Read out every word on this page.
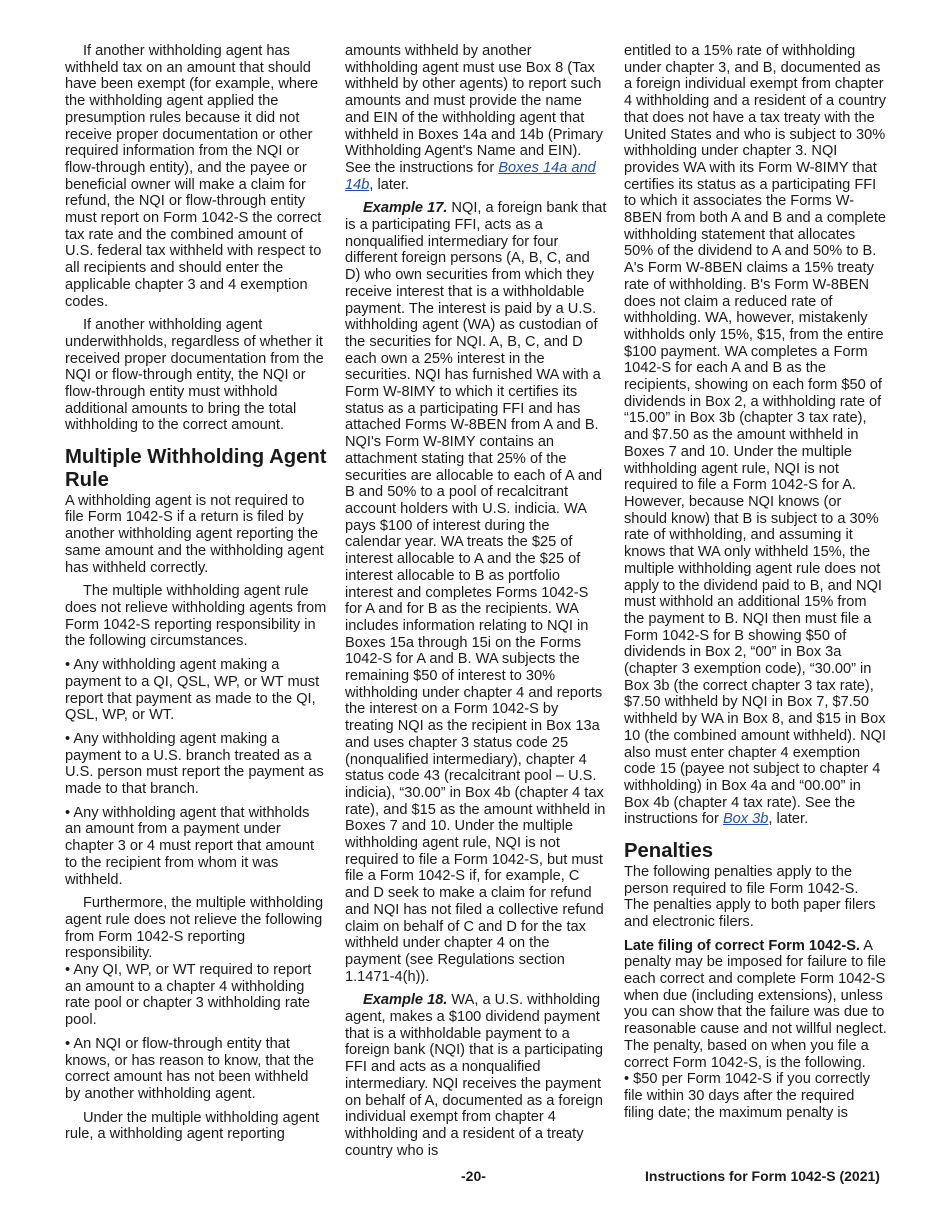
If another withholding agent has withheld tax on an amount that should have been exempt (for example, where the withholding agent applied the presumption rules because it did not receive proper documentation or other required information from the NQI or flow-through entity), and the payee or beneficial owner will make a claim for refund, the NQI or flow-through entity must report on Form 1042-S the correct tax rate and the combined amount of U.S. federal tax withheld with respect to all recipients and should enter the applicable chapter 3 and 4 exemption codes.

If another withholding agent underwithholds, regardless of whether it received proper documentation from the NQI or flow-through entity, the NQI or flow-through entity must withhold additional amounts to bring the total withholding to the correct amount.

Multiple Withholding Agent Rule

A withholding agent is not required to file Form 1042-S if a return is filed by another withholding agent reporting the same amount and the withholding agent has withheld correctly.

The multiple withholding agent rule does not relieve withholding agents from Form 1042-S reporting responsibility in the following circumstances.

• Any withholding agent making a payment to a QI, QSL, WP, or WT must report that payment as made to the QI, QSL, WP, or WT.

• Any withholding agent making a payment to a U.S. branch treated as a U.S. person must report the payment as made to that branch.

• Any withholding agent that withholds an amount from a payment under chapter 3 or 4 must report that amount to the recipient from whom it was withheld.

Furthermore, the multiple withholding agent rule does not relieve the following from Form 1042-S reporting responsibility.

• Any QI, WP, or WT required to report an amount to a chapter 4 withholding rate pool or chapter 3 withholding rate pool.

• An NQI or flow-through entity that knows, or has reason to know, that the correct amount has not been withheld by another withholding agent.

Under the multiple withholding agent rule, a withholding agent reporting

amounts withheld by another withholding agent must use Box 8 (Tax withheld by other agents) to report such amounts and must provide the name and EIN of the withholding agent that withheld in Boxes 14a and 14b (Primary Withholding Agent's Name and EIN). See the instructions for Boxes 14a and 14b, later.

Example 17. NQI, a foreign bank that is a participating FFI, acts as a nonqualified intermediary for four different foreign persons (A, B, C, and D) who own securities from which they receive interest that is a withholdable payment. The interest is paid by a U.S. withholding agent (WA) as custodian of the securities for NQI. A, B, C, and D each own a 25% interest in the securities. NQI has furnished WA with a Form W-8IMY to which it certifies its status as a participating FFI and has attached Forms W-8BEN from A and B. NQI's Form W-8IMY contains an attachment stating that 25% of the securities are allocable to each of A and B and 50% to a pool of recalcitrant account holders with U.S. indicia. WA pays $100 of interest during the calendar year. WA treats the $25 of interest allocable to A and the $25 of interest allocable to B as portfolio interest and completes Forms 1042-S for A and for B as the recipients. WA includes information relating to NQI in Boxes 15a through 15i on the Forms 1042-S for A and B. WA subjects the remaining $50 of interest to 30% withholding under chapter 4 and reports the interest on a Form 1042-S by treating NQI as the recipient in Box 13a and uses chapter 3 status code 25 (nonqualified intermediary), chapter 4 status code 43 (recalcitrant pool – U.S. indicia), “30.00” in Box 4b (chapter 4 tax rate), and $15 as the amount withheld in Boxes 7 and 10. Under the multiple withholding agent rule, NQI is not required to file a Form 1042-S, but must file a Form 1042-S if, for example, C and D seek to make a claim for refund and NQI has not filed a collective refund claim on behalf of C and D for the tax withheld under chapter 4 on the payment (see Regulations section 1.1471-4(h)).

Example 18. WA, a U.S. withholding agent, makes a $100 dividend payment that is a withholdable payment to a foreign bank (NQI) that is a participating FFI and acts as a nonqualified intermediary. NQI receives the payment on behalf of A, documented as a foreign individual exempt from chapter 4 withholding and a resident of a treaty country who is

entitled to a 15% rate of withholding under chapter 3, and B, documented as a foreign individual exempt from chapter 4 withholding and a resident of a country that does not have a tax treaty with the United States and who is subject to 30% withholding under chapter 3. NQI provides WA with its Form W-8IMY that certifies its status as a participating FFI to which it associates the Forms W-8BEN from both A and B and a complete withholding statement that allocates 50% of the dividend to A and 50% to B. A's Form W-8BEN claims a 15% treaty rate of withholding. B's Form W-8BEN does not claim a reduced rate of withholding. WA, however, mistakenly withholds only 15%, $15, from the entire $100 payment. WA completes a Form 1042-S for each A and B as the recipients, showing on each form $50 of dividends in Box 2, a withholding rate of “15.00” in Box 3b (chapter 3 tax rate), and $7.50 as the amount withheld in Boxes 7 and 10. Under the multiple withholding agent rule, NQI is not required to file a Form 1042-S for A. However, because NQI knows (or should know) that B is subject to a 30% rate of withholding, and assuming it knows that WA only withheld 15%, the multiple withholding agent rule does not apply to the dividend paid to B, and NQI must withhold an additional 15% from the payment to B. NQI then must file a Form 1042-S for B showing $50 of dividends in Box 2, “00” in Box 3a (chapter 3 exemption code), “30.00” in Box 3b (the correct chapter 3 tax rate), $7.50 withheld by NQI in Box 7, $7.50 withheld by WA in Box 8, and $15 in Box 10 (the combined amount withheld). NQI also must enter chapter 4 exemption code 15 (payee not subject to chapter 4 withholding) in Box 4a and “00.00” in Box 4b (chapter 4 tax rate). See the instructions for Box 3b, later.

Penalties

The following penalties apply to the person required to file Form 1042-S. The penalties apply to both paper filers and electronic filers.

Late filing of correct Form 1042-S. A penalty may be imposed for failure to file each correct and complete Form 1042-S when due (including extensions), unless you can show that the failure was due to reasonable cause and not willful neglect. The penalty, based on when you file a correct Form 1042-S, is the following.

• $50 per Form 1042-S if you correctly file within 30 days after the required filing date; the maximum penalty is

-20-	Instructions for Form 1042-S (2021)
